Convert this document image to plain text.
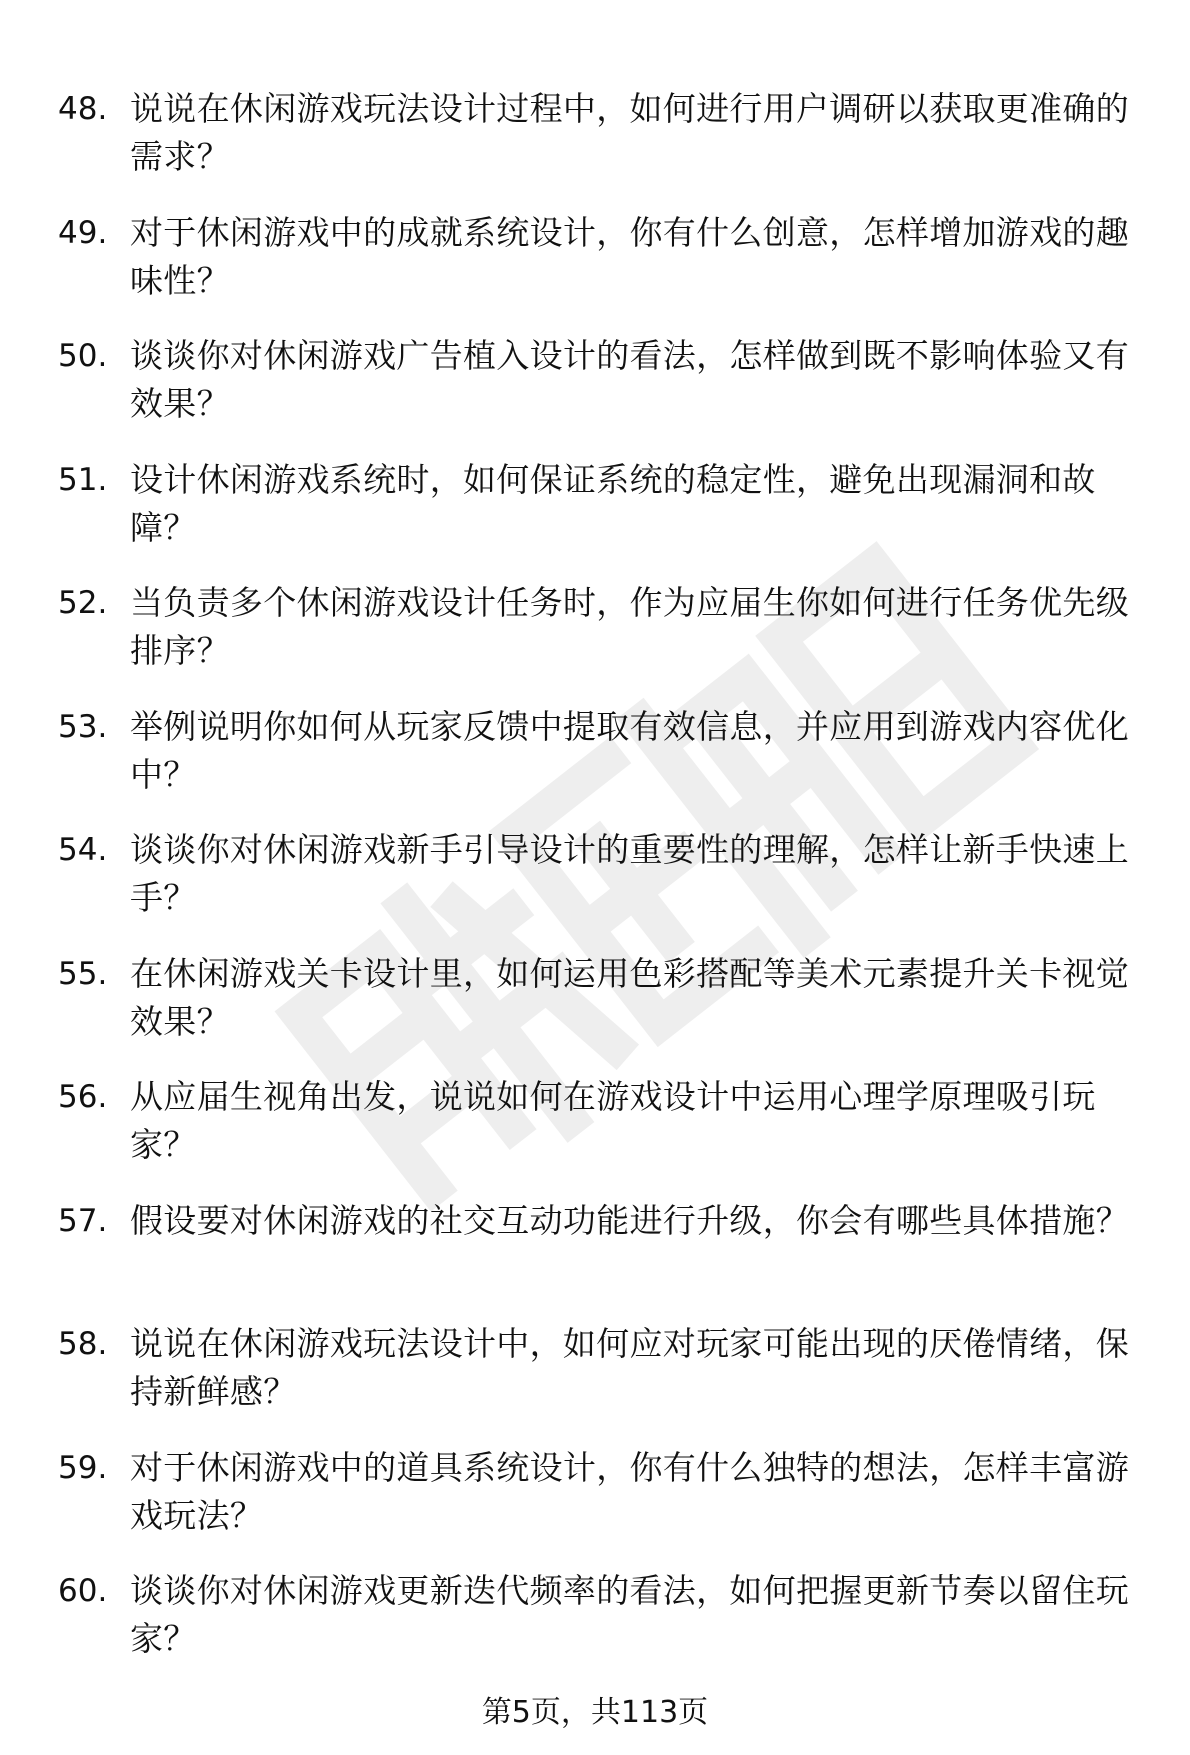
48. 说说在休闲游戏玩法设计过程中，如何进行用户调研以获取更准确的需求？
49. 对于休闲游戏中的成就系统设计，你有什么创意，怎样增加游戏的趣味性？
50. 谈谈你对休闲游戏广告植入设计的看法，怎样做到既不影响体验又有效果？
51. 设计休闲游戏系统时，如何保证系统的稳定性，避免出现漏洞和故障？
52. 当负责多个休闲游戏设计任务时，作为应届生你如何进行任务优先级排序？
53. 举例说明你如何从玩家反馈中提取有效信息，并应用到游戏内容优化中？
54. 谈谈你对休闲游戏新手引导设计的重要性的理解，怎样让新手快速上手？
55. 在休闲游戏关卡设计里，如何运用色彩搭配等美术元素提升关卡视觉效果？
56. 从应届生视角出发，说说如何在游戏设计中运用心理学原理吸引玩家？
57. 假设要对休闲游戏的社交互动功能进行升级，你会有哪些具体措施？
58. 说说在休闲游戏玩法设计中，如何应对玩家可能出现的厌倦情绪，保持新鲜感？
59. 对于休闲游戏中的道具系统设计，你有什么独特的想法，怎样丰富游戏玩法？
60. 谈谈你对休闲游戏更新迭代频率的看法，如何把握更新节奏以留住玩家？
第5页，共113页
